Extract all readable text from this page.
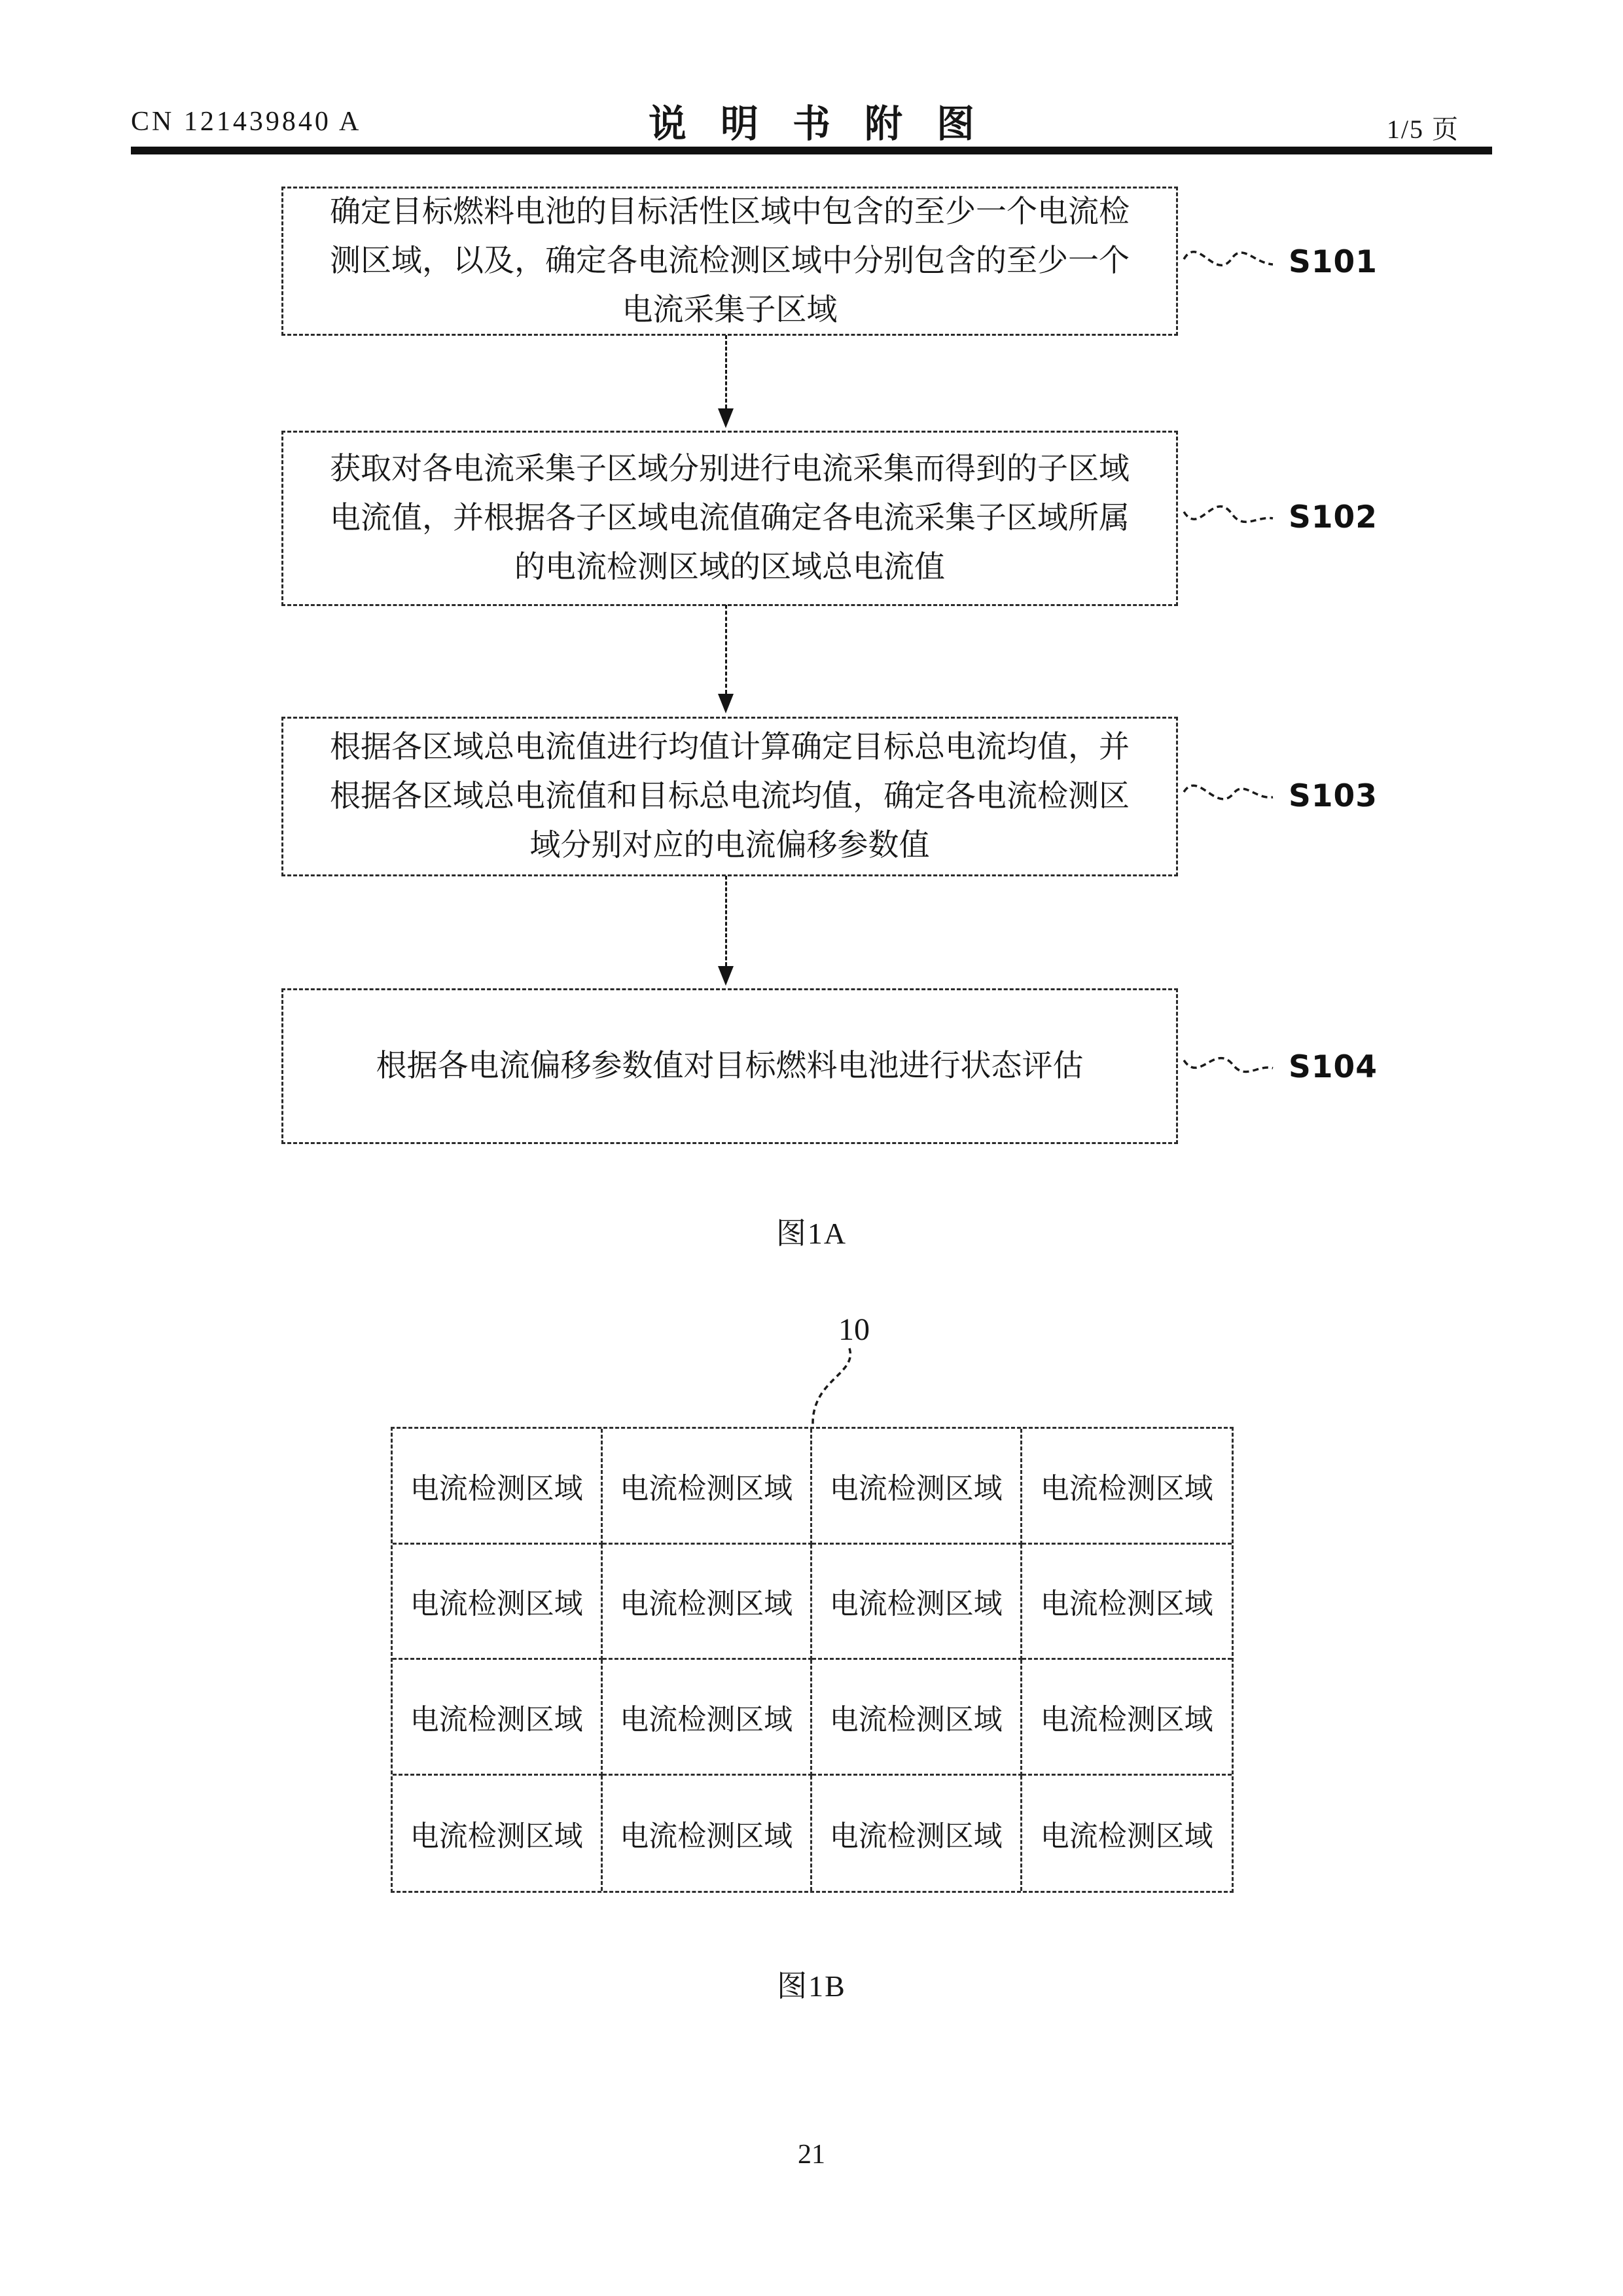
CN 121439840 A	说明书附图	1/5 页
确定目标燃料电池的目标活性区域中包含的至少一个电流检
测区域，以及，确定各电流检测区域中分别包含的至少一个
电流采集子区域
获取对各电流采集子区域分别进行电流采集而得到的子区域
电流值，并根据各子区域电流值确定各电流采集子区域所属
的电流检测区域的区域总电流值
根据各区域总电流值进行均值计算确定目标总电流均值，并
根据各区域总电流值和目标总电流均值，确定各电流检测区
域分别对应的电流偏移参数值
根据各电流偏移参数值对目标燃料电池进行状态评估
S101
S102
S103
S104
图1A
10
电流检测区域	电流检测区域	电流检测区域	电流检测区域
电流检测区域	电流检测区域	电流检测区域	电流检测区域
电流检测区域	电流检测区域	电流检测区域	电流检测区域
电流检测区域	电流检测区域	电流检测区域	电流检测区域
图1B
21
